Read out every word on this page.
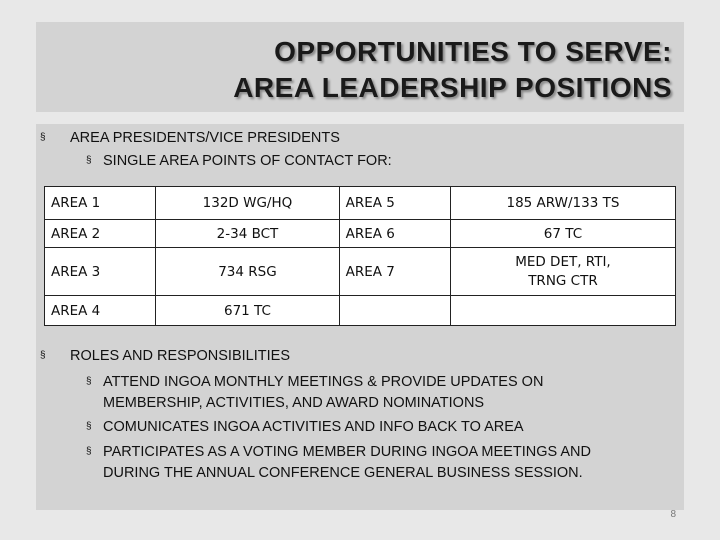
OPPORTUNITIES TO SERVE:
AREA LEADERSHIP POSITIONS
§ AREA PRESIDENTS/VICE PRESIDENTS
§ SINGLE AREA POINTS OF CONTACT FOR:
AREA 1	132D WG/HQ	AREA 5	185 ARW/133 TS
AREA 2	2-34 BCT	AREA 6	67 TC
AREA 3	734 RSG	AREA 7	MED DET, RTI,
TRNG CTR
AREA 4	671 TC		
§ ROLES AND RESPONSIBILITIES
§ ATTEND INGOA MONTHLY MEETINGS & PROVIDE UPDATES ON
MEMBERSHIP, ACTIVITIES, AND AWARD NOMINATIONS
§ COMUNICATES INGOA ACTIVITIES AND INFO BACK TO AREA
§ PARTICIPATES AS A VOTING MEMBER DURING INGOA MEETINGS AND
DURING THE ANNUAL CONFERENCE GENERAL BUSINESS SESSION.
8
